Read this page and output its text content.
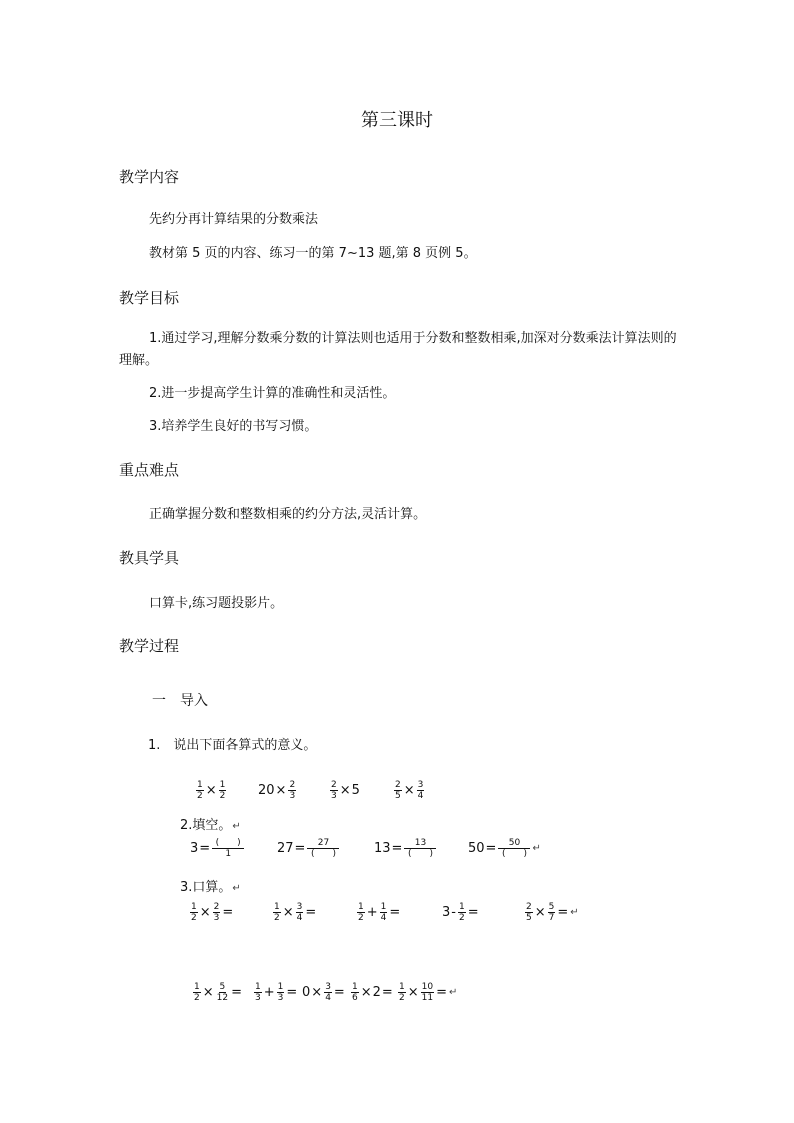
第三课时
教学内容
先约分再计算结果的分数乘法
教材第 5 页的内容、练习一的第 7~13 题,第 8 页例 5。
教学目标
1.通过学习,理解分数乘分数的计算法则也适用于分数和整数相乘,加深对分数乘法计算法则的理解。
2.进一步提高学生计算的准确性和灵活性。
3.培养学生良好的书写习惯。
重点难点
正确掌握分数和整数相乘的约分方法,灵活计算。
教具学具
口算卡,练习题投影片。
教学过程
一　导入
1.　说出下面各算式的意义。
$\frac{1}{2} \times \frac{1}{2} 20 \times \frac{2}{3}$	$\frac{2}{3} \times 5$	$\frac{2}{5} \times \frac{3}{4}$
2.填空。↵
$3 = \frac{( )}{1}$	$27 = \frac{27}{( )}$	$13 = \frac{13}{( )} 50 = \frac{50}{( )}$ ↵
3.口算。↵
$\frac{1}{2} \times \frac{2}{3}$ =	$\frac{1}{2} \times \frac{3}{4}$ =	$\frac{1}{2} + \frac{1}{4}$ =	$3 - \frac{1}{2}$ =	$\frac{2}{5} \times \frac{5}{7}$ = ↵
$\frac{1}{2} \times \frac{5}{12} = \frac{1}{3} + \frac{1}{3} = 0 \times \frac{3}{4} = \frac{1}{6} \times 2 = \frac{1}{2} \times \frac{10}{11}$ = ↵
